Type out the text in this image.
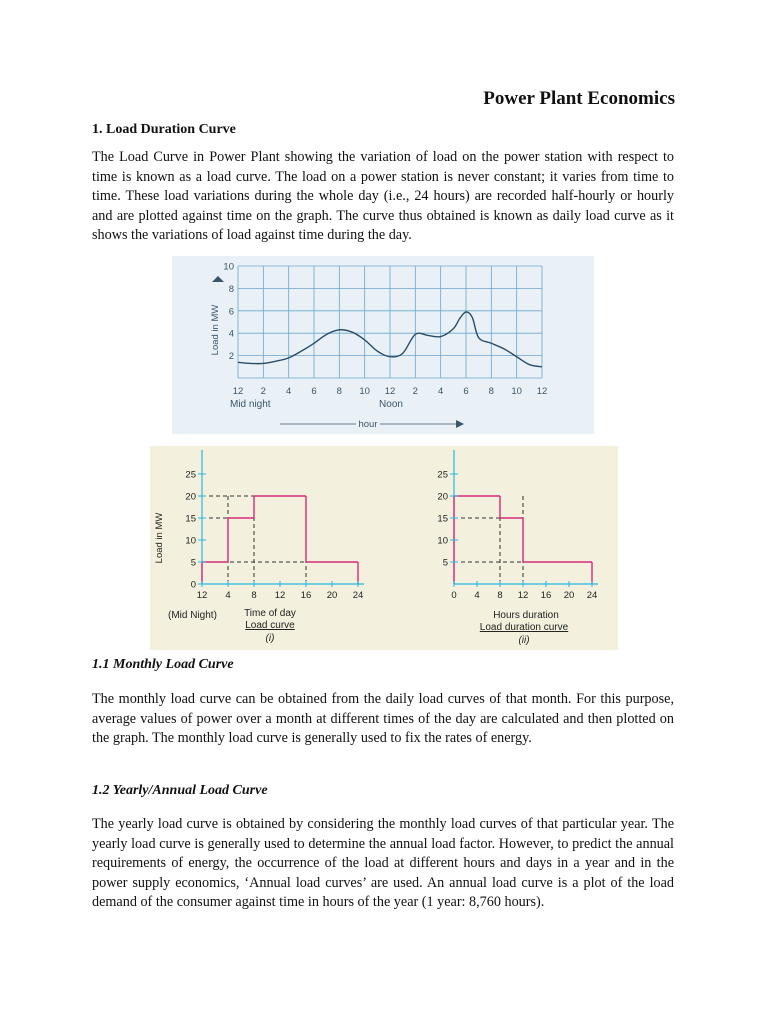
Power Plant Economics
1. Load Duration Curve

The Load Curve in Power Plant showing the variation of load on the power station with respect to time is known as a load curve. The load on a power station is never constant; it varies from time to time. These load variations during the whole day (i.e., 24 hours) are recorded half-hourly or hourly and are plotted against time on the graph. The curve thus obtained is known as daily load curve as it shows the variations of load against time during the day.

2
4
6
8
10
12 2 4 6 8 10 12 2 4 6 8 10 12
Load in MW
Mid night	Noon
hour
0
5
10
15
20
25
12 4 8 12 16 20 24
Load in MW
(Mid Night)	Time of day
Load curve
(i)
5
10
15
20
25
0 4 8 12 16 20 24
Hours duration
Load duration curve
(ii)
1.1 Monthly Load Curve

The monthly load curve can be obtained from the daily load curves of that month. For this purpose, average values of power over a month at different times of the day are calculated and then plotted on the graph. The monthly load curve is generally used to fix the rates of energy.

1.2 Yearly/Annual Load Curve

The yearly load curve is obtained by considering the monthly load curves of that particular year. The yearly load curve is generally used to determine the annual load factor. However, to predict the annual requirements of energy, the occurrence of the load at different hours and days in a year and in the power supply economics, ‘Annual load curves’ are used. An annual load curve is a plot of the load demand of the consumer against time in hours of the year (1 year: 8,760 hours).
